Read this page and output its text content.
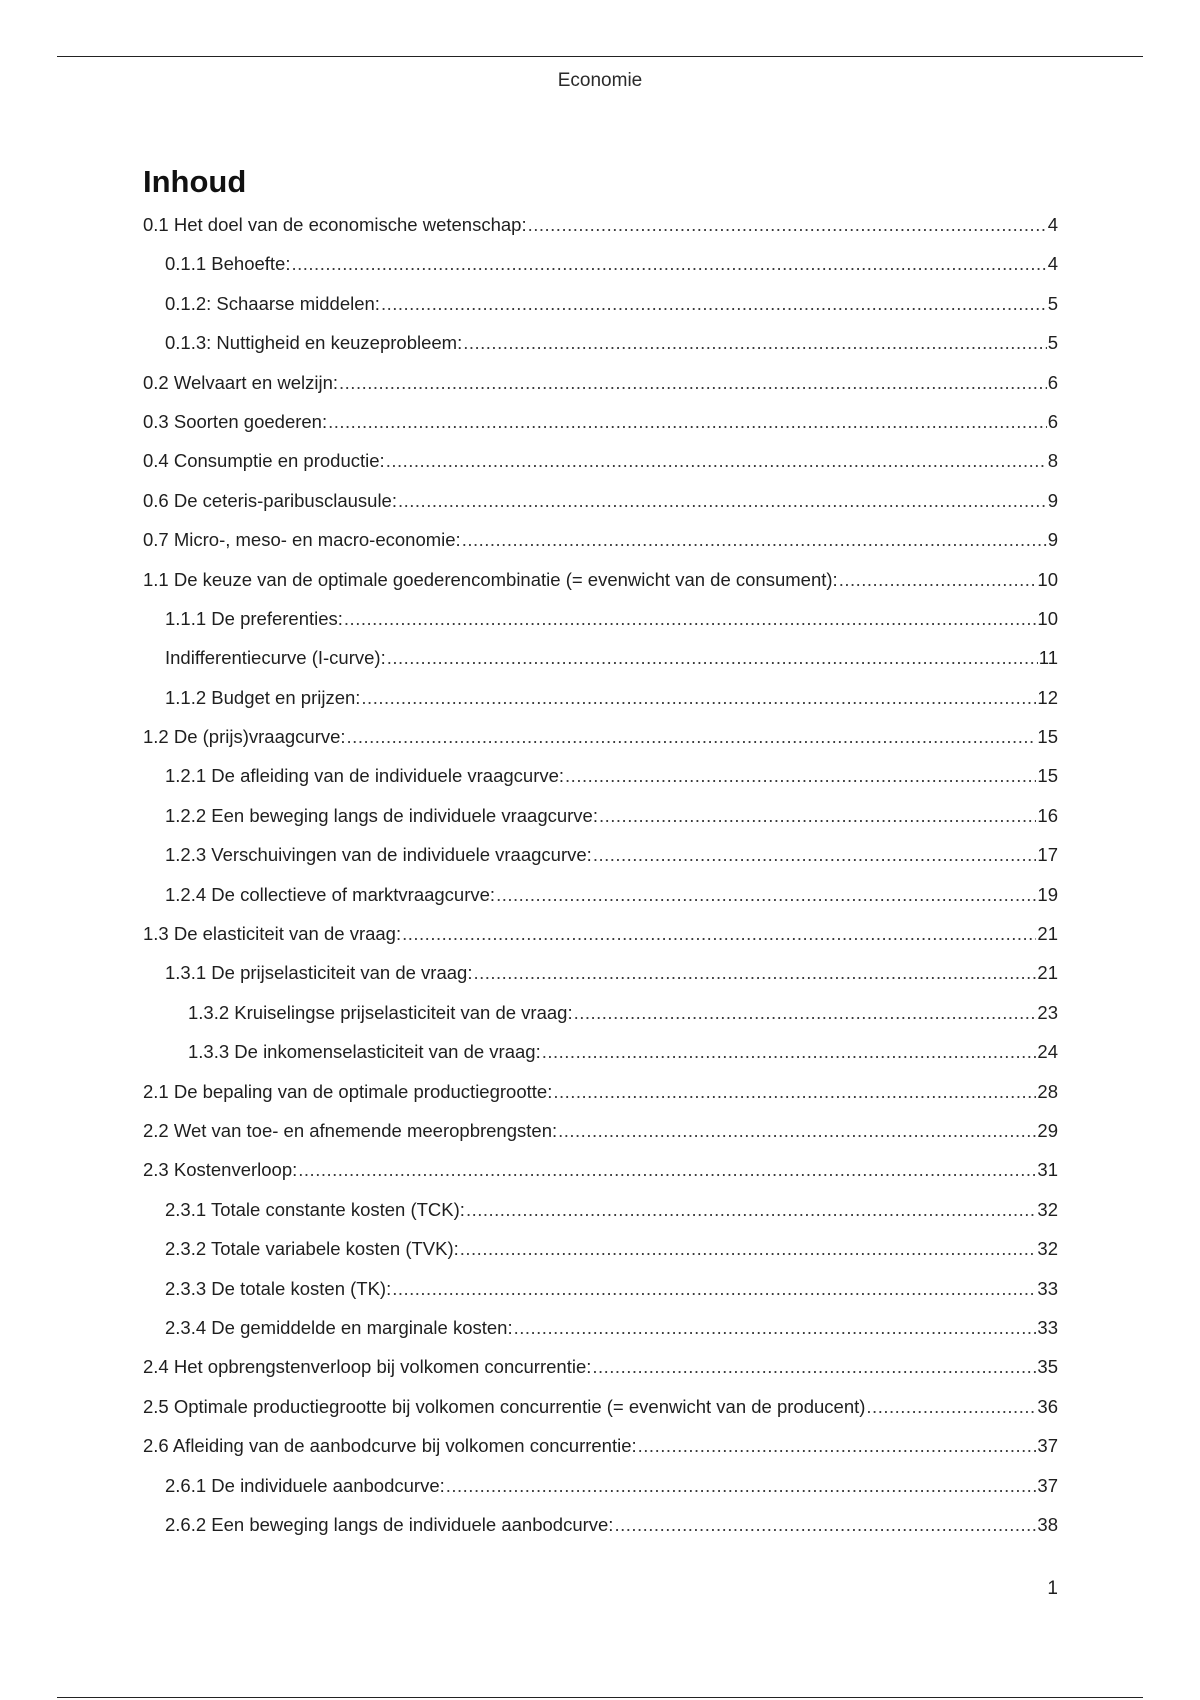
Economie
Inhoud
0.1 Het doel van de economische wetenschap: .....	4
0.1.1 Behoefte: .....	4
0.1.2: Schaarse middelen: .....	5
0.1.3: Nuttigheid en keuzeprobleem: .....	5
0.2 Welvaart en welzijn: .....	6
0.3 Soorten goederen: .....	6
0.4 Consumptie en productie: .....	8
0.6 De ceteris-paribusclausule: .....	9
0.7 Micro-, meso- en macro-economie: .....	9
1.1 De keuze van de optimale goederencombinatie (= evenwicht van de consument): .....	10
1.1.1 De preferenties: .....	10
Indifferentiecurve (I-curve): .....	11
1.1.2 Budget en prijzen: .....	12
1.2 De (prijs)vraagcurve: .....	15
1.2.1 De afleiding van de individuele vraagcurve: .....	15
1.2.2 Een beweging langs de individuele vraagcurve: .....	16
1.2.3 Verschuivingen van de individuele vraagcurve: .....	17
1.2.4 De collectieve of marktvraagcurve: .....	19
1.3 De elasticiteit van de vraag: .....	21
1.3.1 De prijselasticiteit van de vraag: .....	21
1.3.2 Kruiselingse prijselasticiteit van de vraag: .....	23
1.3.3 De inkomenselasticiteit van de vraag: .....	24
2.1 De bepaling van de optimale productiegrootte: .....	28
2.2 Wet van toe- en afnemende meeropbrengsten: .....	29
2.3 Kostenverloop: .....	31
2.3.1 Totale constante kosten (TCK): .....	32
2.3.2 Totale variabele kosten (TVK): .....	32
2.3.3 De totale kosten (TK): .....	33
2.3.4 De gemiddelde en marginale kosten: .....	33
2.4 Het opbrengstenverloop bij volkomen concurrentie: .....	35
2.5 Optimale productiegrootte bij volkomen concurrentie (= evenwicht van de producent) .....	36
2.6 Afleiding van de aanbodcurve bij volkomen concurrentie: .....	37
2.6.1 De individuele aanbodcurve: .....	37
2.6.2 Een beweging langs de individuele aanbodcurve: .....	38
1
